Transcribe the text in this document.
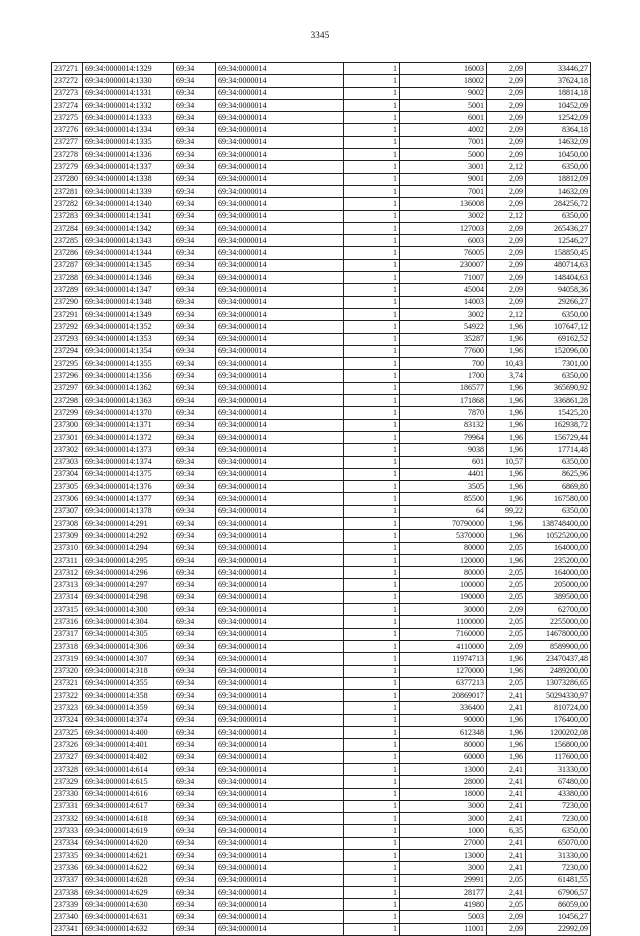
3345
237271	69:34:0000014:1329	69:34	69:34:0000014	1	16003	2,09	33446,27
237272	69:34:0000014:1330	69:34	69:34:0000014	1	18002	2,09	37624,18
237273	69:34:0000014:1331	69:34	69:34:0000014	1	9002	2,09	18814,18
237274	69:34:0000014:1332	69:34	69:34:0000014	1	5001	2,09	10452,09
237275	69:34:0000014:1333	69:34	69:34:0000014	1	6001	2,09	12542,09
237276	69:34:0000014:1334	69:34	69:34:0000014	1	4002	2,09	8364,18
237277	69:34:0000014:1335	69:34	69:34:0000014	1	7001	2,09	14632,09
237278	69:34:0000014:1336	69:34	69:34:0000014	1	5000	2,09	10450,00
237279	69:34:0000014:1337	69:34	69:34:0000014	1	3001	2,12	6350,00
237280	69:34:0000014:1338	69:34	69:34:0000014	1	9001	2,09	18812,09
237281	69:34:0000014:1339	69:34	69:34:0000014	1	7001	2,09	14632,09
237282	69:34:0000014:1340	69:34	69:34:0000014	1	136008	2,09	284256,72
237283	69:34:0000014:1341	69:34	69:34:0000014	1	3002	2,12	6350,00
237284	69:34:0000014:1342	69:34	69:34:0000014	1	127003	2,09	265436,27
237285	69:34:0000014:1343	69:34	69:34:0000014	1	6003	2,09	12546,27
237286	69:34:0000014:1344	69:34	69:34:0000014	1	76005	2,09	158850,45
237287	69:34:0000014:1345	69:34	69:34:0000014	1	230007	2,09	480714,63
237288	69:34:0000014:1346	69:34	69:34:0000014	1	71007	2,09	148404,63
237289	69:34:0000014:1347	69:34	69:34:0000014	1	45004	2,09	94058,36
237290	69:34:0000014:1348	69:34	69:34:0000014	1	14003	2,09	29266,27
237291	69:34:0000014:1349	69:34	69:34:0000014	1	3002	2,12	6350,00
237292	69:34:0000014:1352	69:34	69:34:0000014	1	54922	1,96	107647,12
237293	69:34:0000014:1353	69:34	69:34:0000014	1	35287	1,96	69162,52
237294	69:34:0000014:1354	69:34	69:34:0000014	1	77600	1,96	152096,00
237295	69:34:0000014:1355	69:34	69:34:0000014	1	700	10,43	7301,00
237296	69:34:0000014:1356	69:34	69:34:0000014	1	1700	3,74	6350,00
237297	69:34:0000014:1362	69:34	69:34:0000014	1	186577	1,96	365690,92
237298	69:34:0000014:1363	69:34	69:34:0000014	1	171868	1,96	336861,28
237299	69:34:0000014:1370	69:34	69:34:0000014	1	7870	1,96	15425,20
237300	69:34:0000014:1371	69:34	69:34:0000014	1	83132	1,96	162938,72
237301	69:34:0000014:1372	69:34	69:34:0000014	1	79964	1,96	156729,44
237302	69:34:0000014:1373	69:34	69:34:0000014	1	9038	1,96	17714,48
237303	69:34:0000014:1374	69:34	69:34:0000014	1	601	10,57	6350,00
237304	69:34:0000014:1375	69:34	69:34:0000014	1	4401	1,96	8625,96
237305	69:34:0000014:1376	69:34	69:34:0000014	1	3505	1,96	6869,80
237306	69:34:0000014:1377	69:34	69:34:0000014	1	85500	1,96	167580,00
237307	69:34:0000014:1378	69:34	69:34:0000014	1	64	99,22	6350,00
237308	69:34:0000014:291	69:34	69:34:0000014	1	70790000	1,96	138748400,00
237309	69:34:0000014:292	69:34	69:34:0000014	1	5370000	1,96	10525200,00
237310	69:34:0000014:294	69:34	69:34:0000014	1	80000	2,05	164000,00
237311	69:34:0000014:295	69:34	69:34:0000014	1	120000	1,96	235200,00
237312	69:34:0000014:296	69:34	69:34:0000014	1	80000	2,05	164000,00
237313	69:34:0000014:297	69:34	69:34:0000014	1	100000	2,05	205000,00
237314	69:34:0000014:298	69:34	69:34:0000014	1	190000	2,05	389500,00
237315	69:34:0000014:300	69:34	69:34:0000014	1	30000	2,09	62700,00
237316	69:34:0000014:304	69:34	69:34:0000014	1	1100000	2,05	2255000,00
237317	69:34:0000014:305	69:34	69:34:0000014	1	7160000	2,05	14678000,00
237318	69:34:0000014:306	69:34	69:34:0000014	1	4110000	2,09	8589900,00
237319	69:34:0000014:307	69:34	69:34:0000014	1	11974713	1,96	23470437,48
237320	69:34:0000014:318	69:34	69:34:0000014	1	1270000	1,96	2489200,00
237321	69:34:0000014:355	69:34	69:34:0000014	1	6377213	2,05	13073286,65
237322	69:34:0000014:358	69:34	69:34:0000014	1	20869017	2,41	50294330,97
237323	69:34:0000014:359	69:34	69:34:0000014	1	336400	2,41	810724,00
237324	69:34:0000014:374	69:34	69:34:0000014	1	90000	1,96	176400,00
237325	69:34:0000014:400	69:34	69:34:0000014	1	612348	1,96	1200202,08
237326	69:34:0000014:401	69:34	69:34:0000014	1	80000	1,96	156800,00
237327	69:34:0000014:402	69:34	69:34:0000014	1	60000	1,96	117600,00
237328	69:34:0000014:614	69:34	69:34:0000014	1	13000	2,41	31330,00
237329	69:34:0000014:615	69:34	69:34:0000014	1	28000	2,41	67480,00
237330	69:34:0000014:616	69:34	69:34:0000014	1	18000	2,41	43380,00
237331	69:34:0000014:617	69:34	69:34:0000014	1	3000	2,41	7230,00
237332	69:34:0000014:618	69:34	69:34:0000014	1	3000	2,41	7230,00
237333	69:34:0000014:619	69:34	69:34:0000014	1	1000	6,35	6350,00
237334	69:34:0000014:620	69:34	69:34:0000014	1	27000	2,41	65070,00
237335	69:34:0000014:621	69:34	69:34:0000014	1	13000	2,41	31330,00
237336	69:34:0000014:622	69:34	69:34:0000014	1	3000	2,41	7230,00
237337	69:34:0000014:628	69:34	69:34:0000014	1	29991	2,05	61481,55
237338	69:34:0000014:629	69:34	69:34:0000014	1	28177	2,41	67906,57
237339	69:34:0000014:630	69:34	69:34:0000014	1	41980	2,05	86059,00
237340	69:34:0000014:631	69:34	69:34:0000014	1	5003	2,09	10456,27
237341	69:34:0000014:632	69:34	69:34:0000014	1	11001	2,09	22992,09
